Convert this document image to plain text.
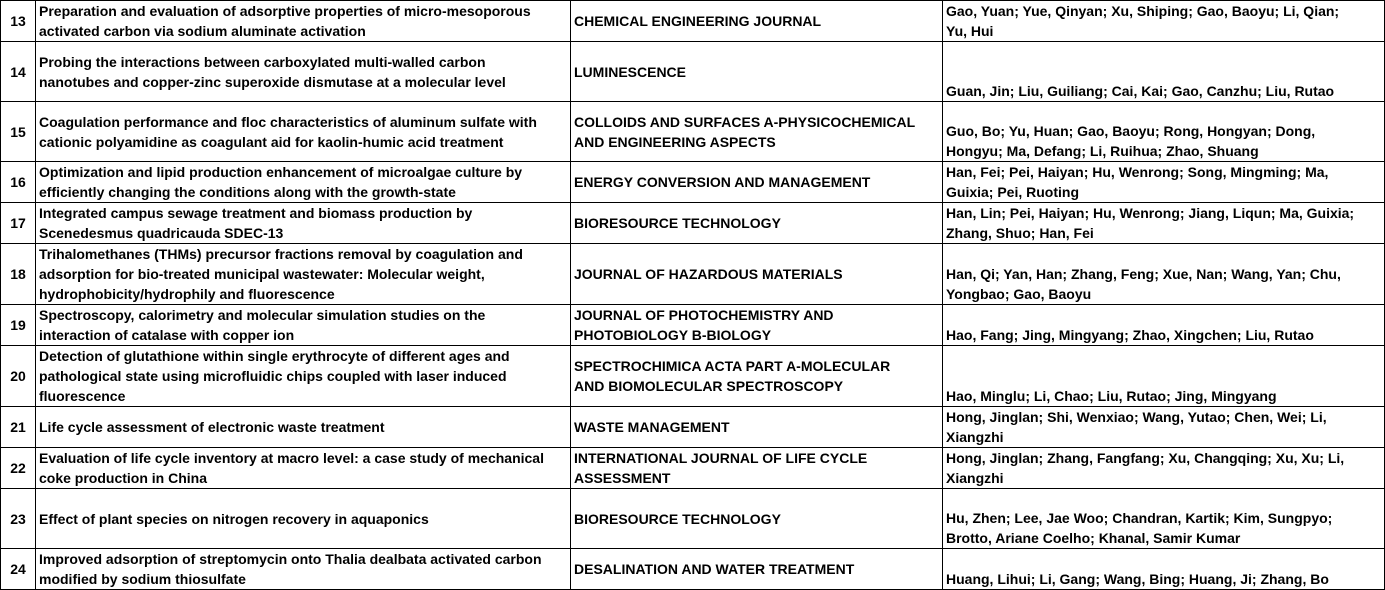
13	Preparation and evaluation of adsorptive properties of micro-mesoporous
activated carbon via sodium aluminate activation	CHEMICAL ENGINEERING JOURNAL	Gao, Yuan; Yue, Qinyan; Xu, Shiping; Gao, Baoyu; Li, Qian;
Yu, Hui

14	Probing the interactions between carboxylated multi-walled carbon
nanotubes and copper-zinc superoxide dismutase at a molecular level	LUMINESCENCE	Guan, Jin; Liu, Guiliang; Cai, Kai; Gao, Canzhu; Liu, Rutao

15	Coagulation performance and floc characteristics of aluminum sulfate with
cationic polyamidine as coagulant aid for kaolin-humic acid treatment	COLLOIDS AND SURFACES A-PHYSICOCHEMICAL
AND ENGINEERING ASPECTS	Guo, Bo; Yu, Huan; Gao, Baoyu; Rong, Hongyan; Dong,
Hongyu; Ma, Defang; Li, Ruihua; Zhao, Shuang

16	Optimization and lipid production enhancement of microalgae culture by
efficiently changing the conditions along with the growth-state	ENERGY CONVERSION AND MANAGEMENT	Han, Fei; Pei, Haiyan; Hu, Wenrong; Song, Mingming; Ma,
Guixia; Pei, Ruoting

17	Integrated campus sewage treatment and biomass production by
Scenedesmus quadricauda SDEC-13	BIORESOURCE TECHNOLOGY	Han, Lin; Pei, Haiyan; Hu, Wenrong; Jiang, Liqun; Ma, Guixia;
Zhang, Shuo; Han, Fei

18	Trihalomethanes (THMs) precursor fractions removal by coagulation and
adsorption for bio-treated municipal wastewater: Molecular weight,
hydrophobicity/hydrophily and fluorescence	JOURNAL OF HAZARDOUS MATERIALS	Han, Qi; Yan, Han; Zhang, Feng; Xue, Nan; Wang, Yan; Chu,
Yongbao; Gao, Baoyu

19	Spectroscopy, calorimetry and molecular simulation studies on the
interaction of catalase with copper ion	JOURNAL OF PHOTOCHEMISTRY AND
PHOTOBIOLOGY B-BIOLOGY	Hao, Fang; Jing, Mingyang; Zhao, Xingchen; Liu, Rutao

20	Detection of glutathione within single erythrocyte of different ages and
pathological state using microfluidic chips coupled with laser induced
fluorescence	SPECTROCHIMICA ACTA PART A-MOLECULAR
AND BIOMOLECULAR SPECTROSCOPY	Hao, Minglu; Li, Chao; Liu, Rutao; Jing, Mingyang

21	Life cycle assessment of electronic waste treatment	WASTE MANAGEMENT	Hong, Jinglan; Shi, Wenxiao; Wang, Yutao; Chen, Wei; Li,
Xiangzhi

22	Evaluation of life cycle inventory at macro level: a case study of mechanical
coke production in China	INTERNATIONAL JOURNAL OF LIFE CYCLE
ASSESSMENT	Hong, Jinglan; Zhang, Fangfang; Xu, Changqing; Xu, Xu; Li,
Xiangzhi

23	Effect of plant species on nitrogen recovery in aquaponics	BIORESOURCE TECHNOLOGY	Hu, Zhen; Lee, Jae Woo; Chandran, Kartik; Kim, Sungpyo;
Brotto, Ariane Coelho; Khanal, Samir Kumar

24	Improved adsorption of streptomycin onto Thalia dealbata activated carbon
modified by sodium thiosulfate	DESALINATION AND WATER TREATMENT	Huang, Lihui; Li, Gang; Wang, Bing; Huang, Ji; Zhang, Bo
